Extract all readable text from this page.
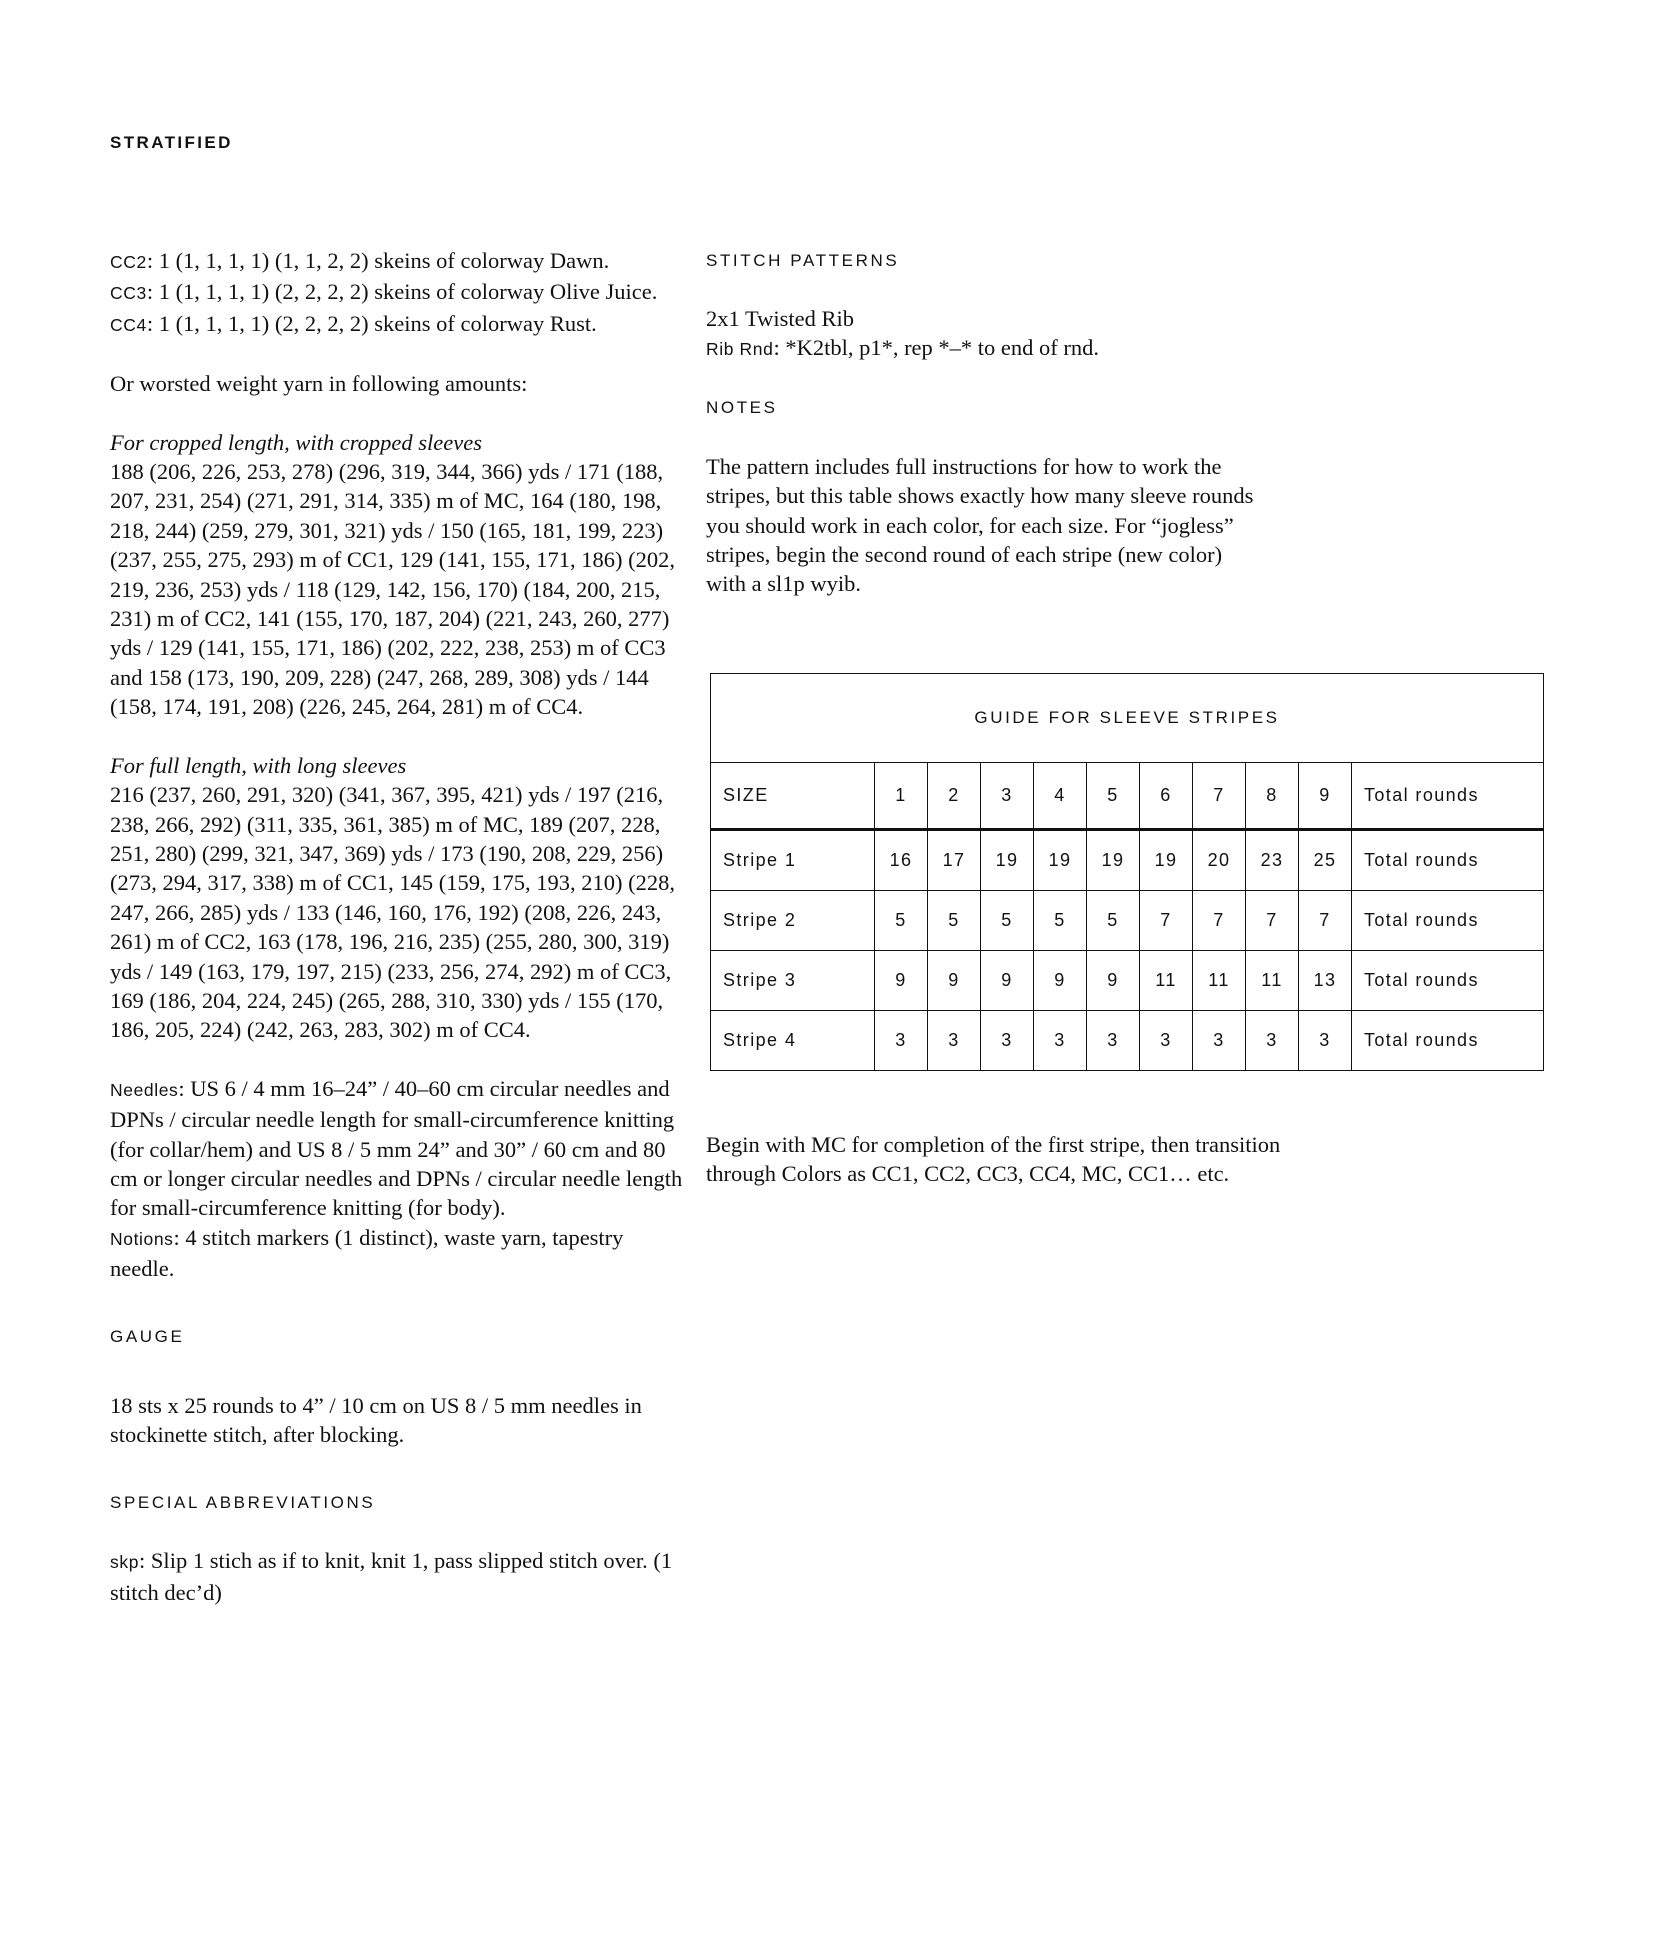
STRATIFIED

CC2: 1 (1, 1, 1, 1) (1, 1, 2, 2) skeins of colorway Dawn.

CC3: 1 (1, 1, 1, 1) (2, 2, 2, 2) skeins of colorway Olive Juice.

CC4: 1 (1, 1, 1, 1) (2, 2, 2, 2) skeins of colorway Rust.

Or worsted weight yarn in following amounts:

For cropped length, with cropped sleeves

188 (206, 226, 253, 278) (296, 319, 344, 366) yds / 171 (188, 207, 231, 254) (271, 291, 314, 335) m of MC, 164 (180, 198, 218, 244) (259, 279, 301, 321) yds / 150 (165, 181, 199, 223) (237, 255, 275, 293) m of CC1, 129 (141, 155, 171, 186) (202, 219, 236, 253) yds / 118 (129, 142, 156, 170) (184, 200, 215, 231) m of CC2, 141 (155, 170, 187, 204) (221, 243, 260, 277) yds / 129 (141, 155, 171, 186) (202, 222, 238, 253) m of CC3 and 158 (173, 190, 209, 228) (247, 268, 289, 308) yds / 144 (158, 174, 191, 208) (226, 245, 264, 281) m of CC4.

For full length, with long sleeves

216 (237, 260, 291, 320) (341, 367, 395, 421) yds / 197 (216, 238, 266, 292) (311, 335, 361, 385) m of MC, 189 (207, 228, 251, 280) (299, 321, 347, 369) yds / 173 (190, 208, 229, 256) (273, 294, 317, 338) m of CC1, 145 (159, 175, 193, 210) (228, 247, 266, 285) yds / 133 (146, 160, 176, 192) (208, 226, 243, 261) m of CC2, 163 (178, 196, 216, 235) (255, 280, 300, 319) yds / 149 (163, 179, 197, 215) (233, 256, 274, 292) m of CC3, 169 (186, 204, 224, 245) (265, 288, 310, 330) yds / 155 (170, 186, 205, 224) (242, 263, 283, 302) m of CC4.

Needles: US 6 / 4 mm 16–24” / 40–60 cm circular needles and DPNs / circular needle length for small-circumference knitting (for collar/hem) and US 8 / 5 mm 24” and 30” / 60 cm and 80 cm or longer circular needles and DPNs / circular needle length for small-circumference knitting (for body).

Notions: 4 stitch markers (1 distinct), waste yarn, tapestry needle.

GAUGE

18 sts x 25 rounds to 4” / 10 cm on US 8 / 5 mm needles in stockinette stitch, after blocking.

SPECIAL ABBREVIATIONS

skp: Slip 1 stich as if to knit, knit 1, pass slipped stitch over. (1 stitch dec’d)

STITCH PATTERNS

2x1 Twisted Rib

Rib Rnd: *K2tbl, p1*, rep *–* to end of rnd.

NOTES

The pattern includes full instructions for how to work the stripes, but this table shows exactly how many sleeve rounds you should work in each color, for each size. For “jogless” stripes, begin the second round of each stripe (new color) with a sl1p wyib.

GUIDE FOR SLEEVE STRIPES										
SIZE	1	2	3	4	5	6	7	8	9	Total rounds
Stripe 1	16	17	19	19	19	19	20	23	25	Total rounds
Stripe 2	5	5	5	5	5	7	7	7	7	Total rounds
Stripe 3	9	9	9	9	9	11	11	11	13	Total rounds
Stripe 4	3	3	3	3	3	3	3	3	3	Total rounds

Begin with MC for completion of the first stripe, then transition through Colors as CC1, CC2, CC3, CC4, MC, CC1… etc.
